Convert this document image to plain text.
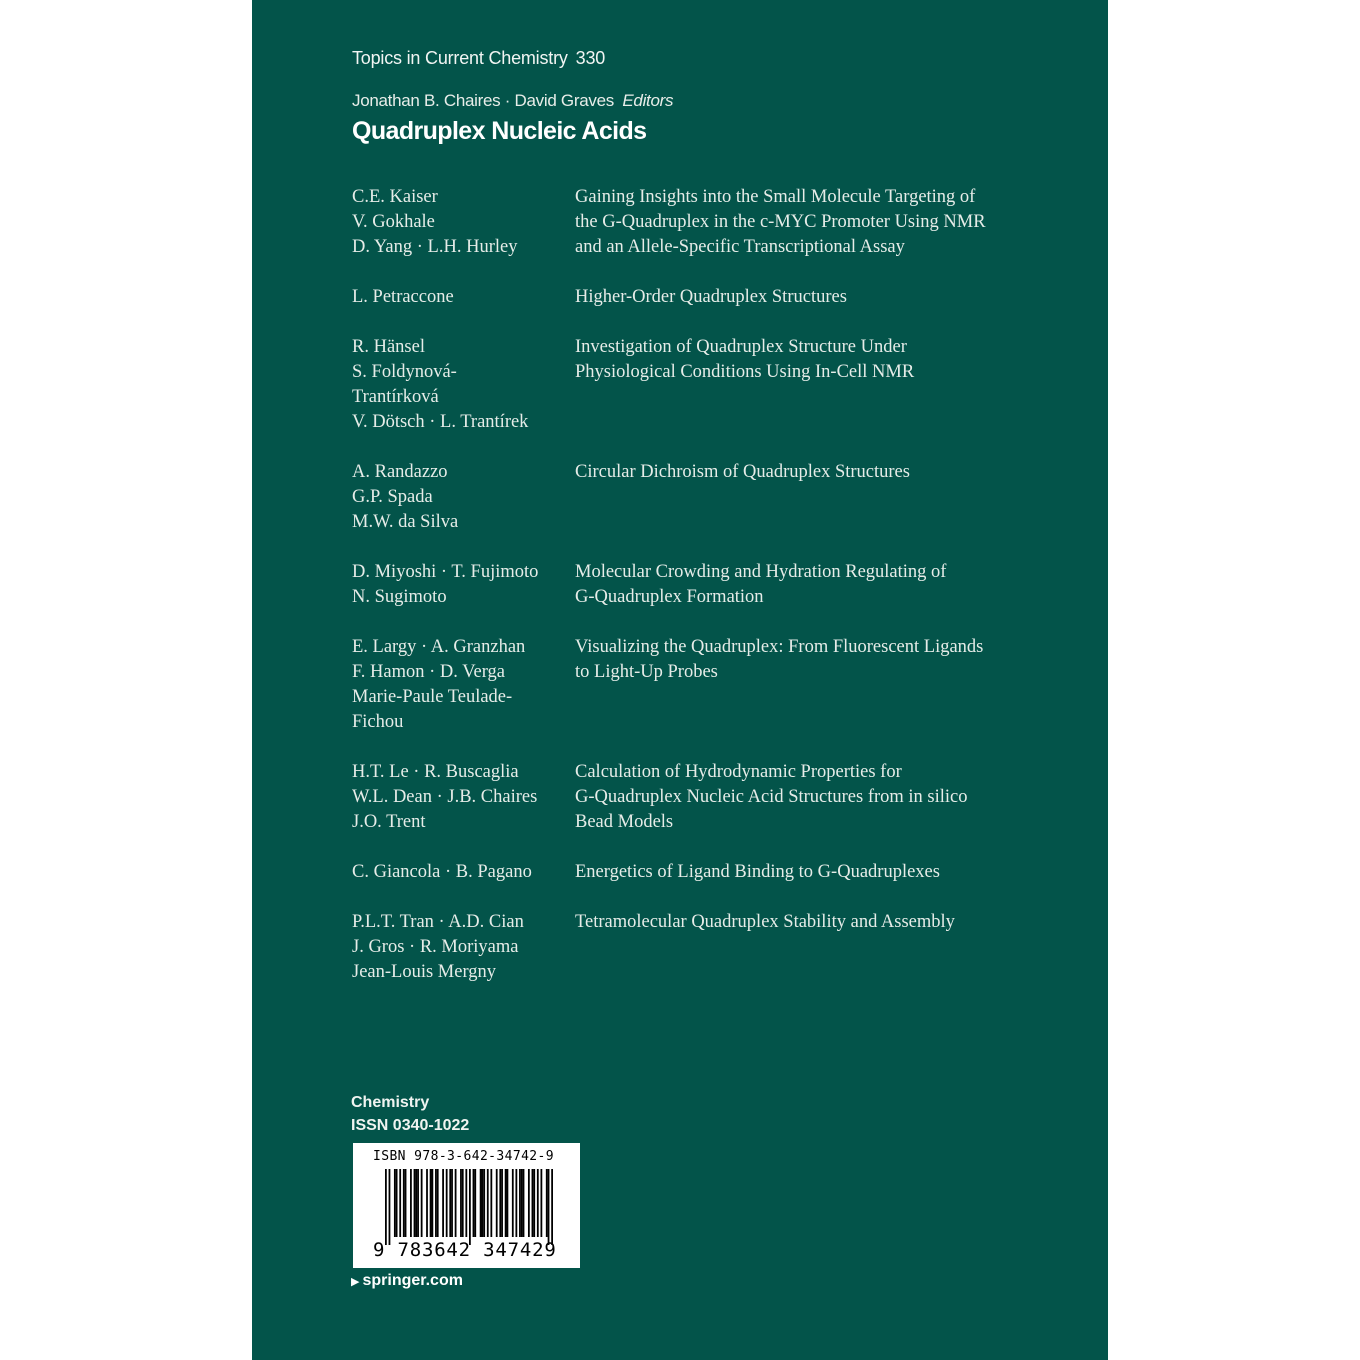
Topics in Current Chemistry 330
Jonathan B. Chaires · David Graves Editors
Quadruplex Nucleic Acids
C.E. Kaiser
V. Gokhale
D. Yang · L.H. Hurley
Gaining Insights into the Small Molecule Targeting of
the G-Quadruplex in the c-MYC Promoter Using NMR
and an Allele-Specific Transcriptional Assay
L. Petraccone	Higher-Order Quadruplex Structures
R. Hänsel
S. Foldynová-
Trantírková
V. Dötsch · L. Trantírek
Investigation of Quadruplex Structure Under
Physiological Conditions Using In-Cell NMR
A. Randazzo
G.P. Spada
M.W. da Silva
Circular Dichroism of Quadruplex Structures
D. Miyoshi · T. Fujimoto
N. Sugimoto
Molecular Crowding and Hydration Regulating of
G-Quadruplex Formation
E. Largy · A. Granzhan
F. Hamon · D. Verga
Marie-Paule Teulade-
Fichou
Visualizing the Quadruplex: From Fluorescent Ligands
to Light-Up Probes
H.T. Le · R. Buscaglia
W.L. Dean · J.B. Chaires
J.O. Trent
Calculation of Hydrodynamic Properties for
G-Quadruplex Nucleic Acid Structures from in silico
Bead Models
C. Giancola · B. Pagano	Energetics of Ligand Binding to G-Quadruplexes
P.L.T. Tran · A.D. Cian
J. Gros · R. Moriyama
Jean-Louis Mergny
Tetramolecular Quadruplex Stability and Assembly
Chemistry
ISSN 0340-1022
ISBN 978-3-642-34742-9
9 783642 347429
▶ springer.com
